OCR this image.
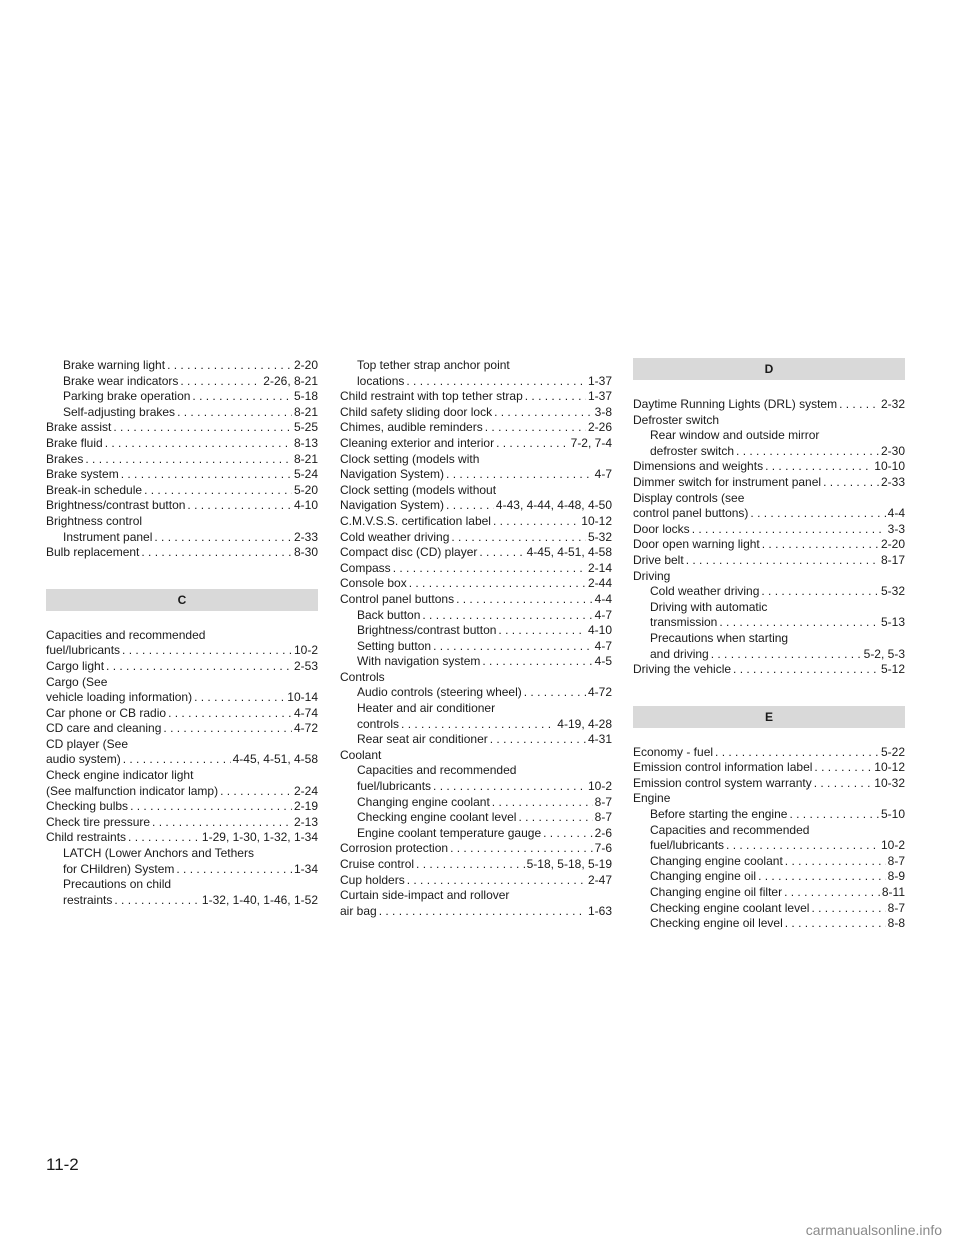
Brake warning light . . .	2-20
Brake wear indicators . . .	2-26, 8-21
Parking brake operation . . .	5-18
Self-adjusting brakes . . .	8-21
Brake assist . . .	5-25
Brake fluid . . .	8-13
Brakes . . .	8-21
Brake system . . .	5-24
Break-in schedule . . .	5-20
Brightness/contrast button . . .	4-10
Brightness control
Instrument panel . . .	2-33
Bulb replacement . . .	8-30
C
Capacities and recommended
fuel/lubricants . . .	10-2
Cargo light . . .	2-53
Cargo (See
vehicle loading information) . . .	10-14
Car phone or CB radio . . .	4-74
CD care and cleaning . . .	4-72
CD player (See
audio system) . . .	4-45, 4-51, 4-58
Check engine indicator light
(See malfunction indicator lamp) . . .	2-24
Checking bulbs . . .	2-19
Check tire pressure . . .	2-13
Child restraints . . .	1-29, 1-30, 1-32, 1-34
LATCH (Lower Anchors and Tethers
for CHildren) System . . .	1-34
Precautions on child
restraints . . .	1-32, 1-40, 1-46, 1-52
Top tether strap anchor point
locations . . .	1-37
Child restraint with top tether strap . . .	1-37
Child safety sliding door lock . . .	3-8
Chimes, audible reminders . . .	2-26
Cleaning exterior and interior . . .	7-2, 7-4
Clock setting (models with
Navigation System) . . .	4-7
Clock setting (models without
Navigation System) . . .	4-43, 4-44, 4-48, 4-50
C.M.V.S.S. certification label . . .	10-12
Cold weather driving . . .	5-32
Compact disc (CD) player . . .	4-45, 4-51, 4-58
Compass . . .	2-14
Console box . . .	2-44
Control panel buttons . . .	4-4
Back button . . .	4-7
Brightness/contrast button . . .	4-10
Setting button . . .	4-7
With navigation system . . .	4-5
Controls
Audio controls (steering wheel) . . .	4-72
Heater and air conditioner
controls . . .	4-19, 4-28
Rear seat air conditioner . . .	4-31
Coolant
Capacities and recommended
fuel/lubricants . . .	10-2
Changing engine coolant . . .	8-7
Checking engine coolant level . . .	8-7
Engine coolant temperature gauge . . .	2-6
Corrosion protection . . .	7-6
Cruise control . . .	5-18, 5-18, 5-19
Cup holders . . .	2-47
Curtain side-impact and rollover
air bag . . .	1-63
D
Daytime Running Lights (DRL) system . . .	2-32
Defroster switch
Rear window and outside mirror
defroster switch . . .	2-30
Dimensions and weights . . .	10-10
Dimmer switch for instrument panel . . .	2-33
Display controls (see
control panel buttons) . . .	4-4
Door locks . . .	3-3
Door open warning light . . .	2-20
Drive belt . . .	8-17
Driving
Cold weather driving . . .	5-32
Driving with automatic
transmission . . .	5-13
Precautions when starting
and driving . . .	5-2, 5-3
Driving the vehicle . . .	5-12
E
Economy - fuel . . .	5-22
Emission control information label . . .	10-12
Emission control system warranty . . .	10-32
Engine
Before starting the engine . . .	5-10
Capacities and recommended
fuel/lubricants . . .	10-2
Changing engine coolant . . .	8-7
Changing engine oil . . .	8-9
Changing engine oil filter . . .	8-11
Checking engine coolant level . . .	8-7
Checking engine oil level . . .	8-8
11-2
carmanualsonline.info
